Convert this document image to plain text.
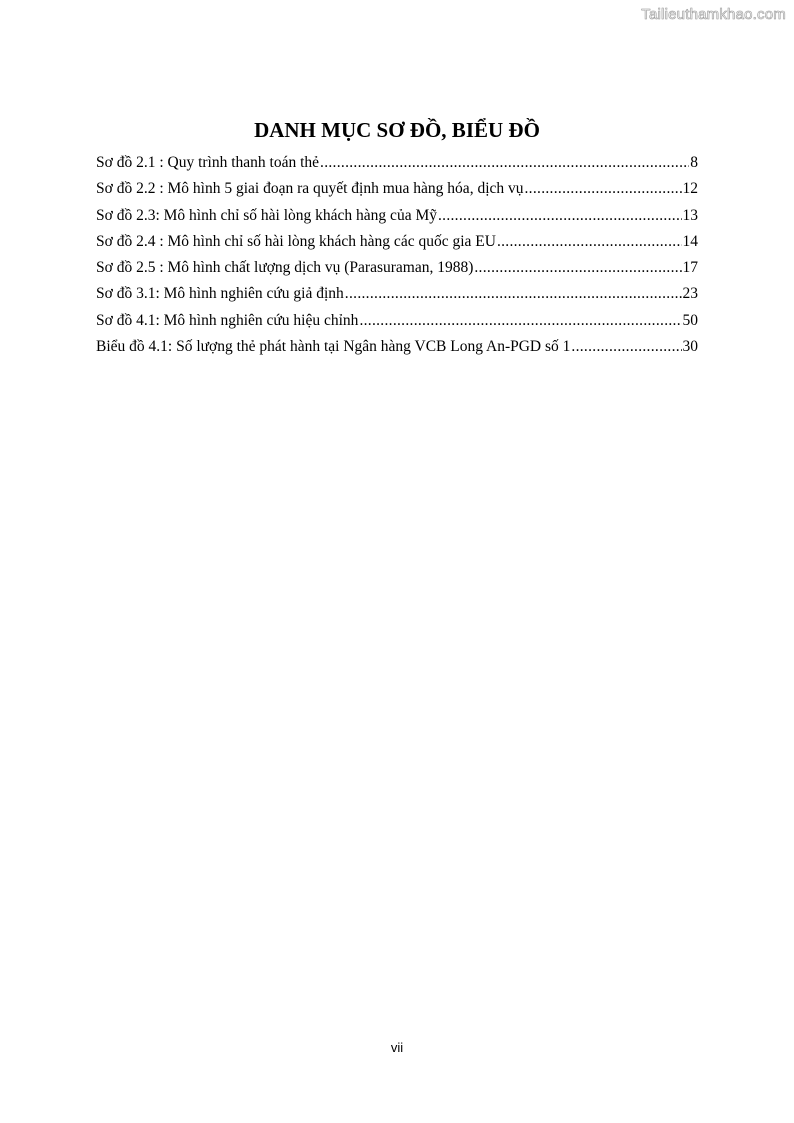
Tailieuthamkhao.com
DANH MỤC SƠ ĐỒ, BIỂU ĐỒ
Sơ đồ 2.1 : Quy trình thanh toán thẻ .....	8
Sơ đồ 2.2 : Mô hình 5 giai đoạn ra quyết định mua hàng hóa, dịch vụ .....	12
Sơ đồ 2.3: Mô hình chỉ số hài lòng khách hàng của Mỹ .....	13
Sơ đồ 2.4 : Mô hình chỉ số hài lòng khách hàng các quốc gia EU .....	14
Sơ đồ 2.5 : Mô hình chất lượng dịch vụ (Parasuraman, 1988) .....	17
Sơ đồ 3.1: Mô hình nghiên cứu giả định .....	23
Sơ đồ 4.1: Mô hình nghiên cứu hiệu chỉnh .....	50
Biểu đồ 4.1: Số lượng thẻ phát hành tại Ngân hàng VCB Long An-PGD số 1 .....	30
vii
